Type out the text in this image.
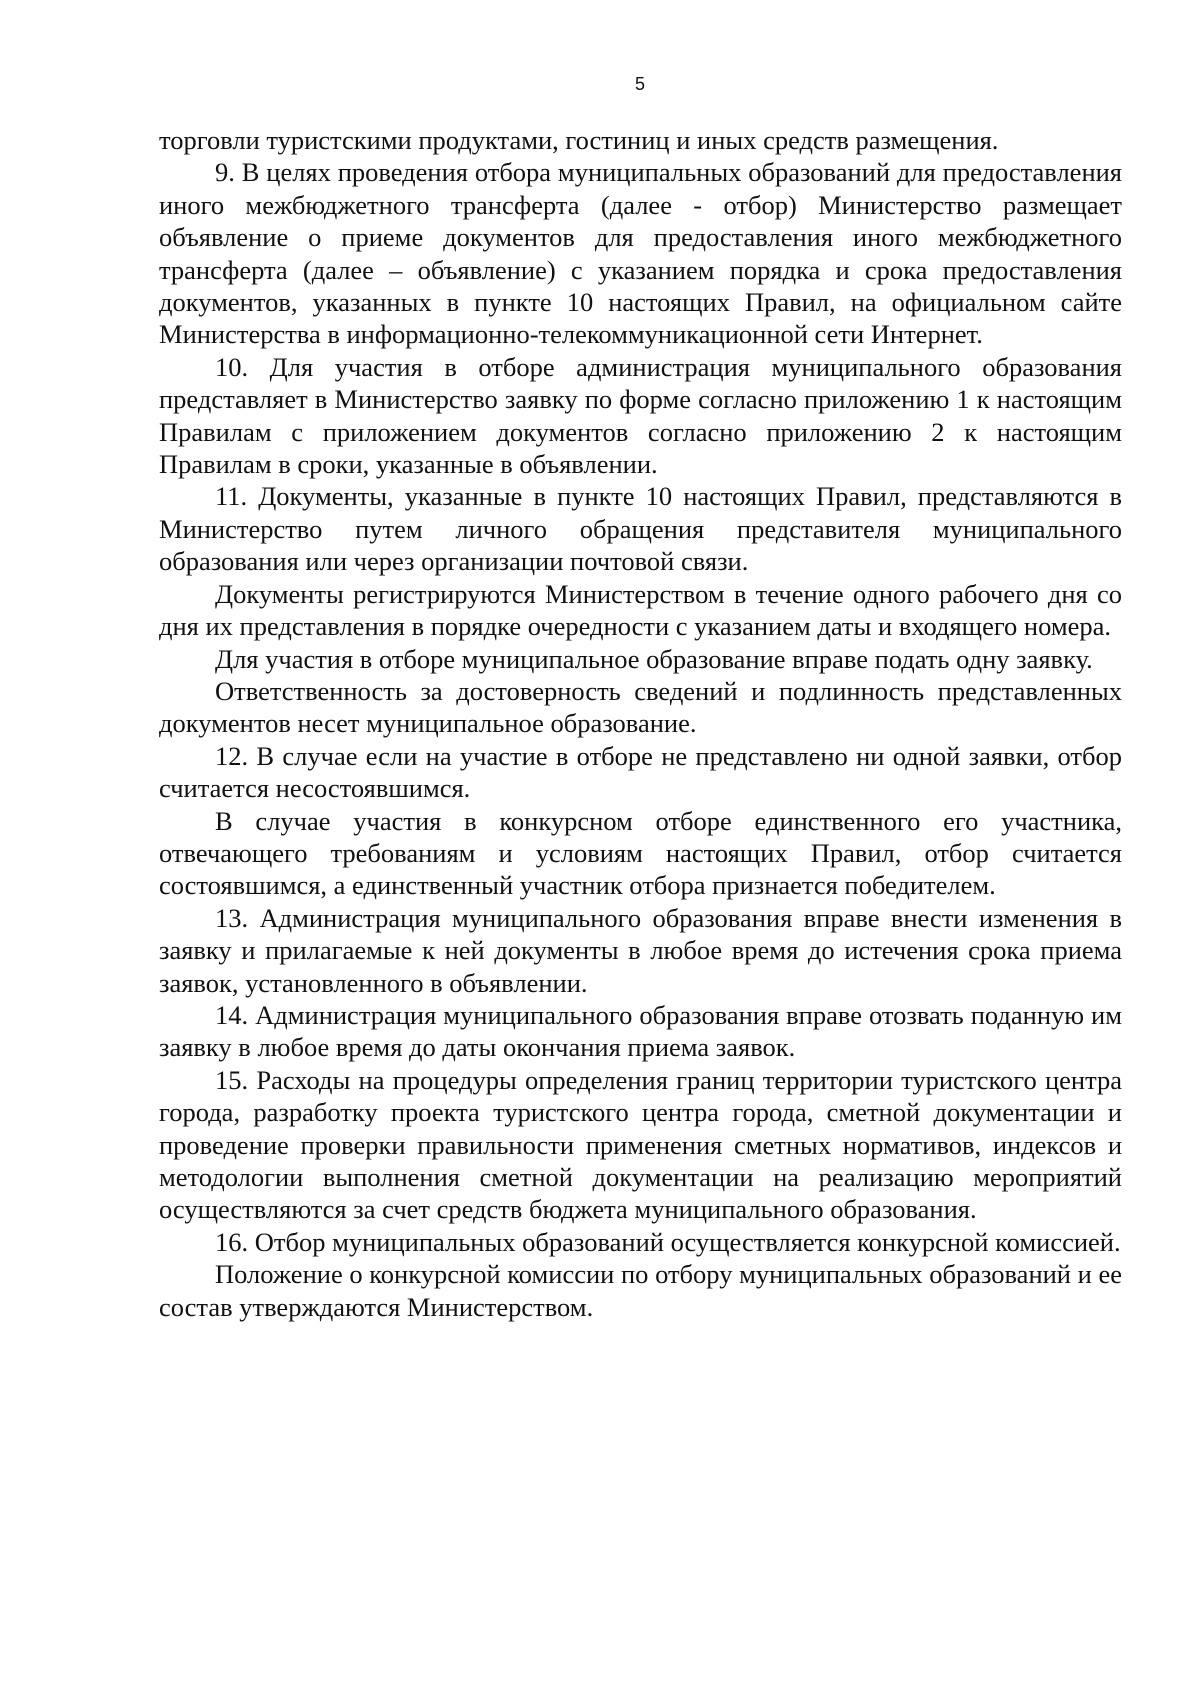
5

торговли туристскими продуктами, гостиниц и иных средств размещения.

9. В целях проведения отбора муниципальных образований для предоставления иного межбюджетного трансферта (далее - отбор) Министерство размещает объявление о приеме документов для предоставления иного межбюджетного трансферта (далее – объявление) с указанием порядка и срока предоставления документов, указанных в пункте 10 настоящих Правил, на официальном сайте Министерства в информационно-телекоммуникационной сети Интернет.

10. Для участия в отборе администрация муниципального образования представляет в Министерство заявку по форме согласно приложению 1 к настоящим Правилам с приложением документов согласно приложению 2 к настоящим Правилам в сроки, указанные в объявлении.

11. Документы, указанные в пункте 10 настоящих Правил, представляются в Министерство путем личного обращения представителя муниципального образования или через организации почтовой связи.

Документы регистрируются Министерством в течение одного рабочего дня со дня их представления в порядке очередности с указанием даты и входящего номера.

Для участия в отборе муниципальное образование вправе подать одну заявку.

Ответственность за достоверность сведений и подлинность представленных документов несет муниципальное образование.

12. В случае если на участие в отборе не представлено ни одной заявки, отбор считается несостоявшимся.

В случае участия в конкурсном отборе единственного его участника, отвечающего требованиям и условиям настоящих Правил, отбор считается состоявшимся, а единственный участник отбора признается победителем.

13. Администрация муниципального образования вправе внести изменения в заявку и прилагаемые к ней документы в любое время до истечения срока приема заявок, установленного в объявлении.

14. Администрация муниципального образования вправе отозвать поданную им заявку в любое время до даты окончания приема заявок.

15. Расходы на процедуры определения границ территории туристского центра города, разработку проекта туристского центра города, сметной документации и проведение проверки правильности применения сметных нормативов, индексов и методологии выполнения сметной документации на реализацию мероприятий осуществляются за счет средств бюджета муниципального образования.

16. Отбор муниципальных образований осуществляется конкурсной комиссией.

Положение о конкурсной комиссии по отбору муниципальных образований и ее состав утверждаются Министерством.
